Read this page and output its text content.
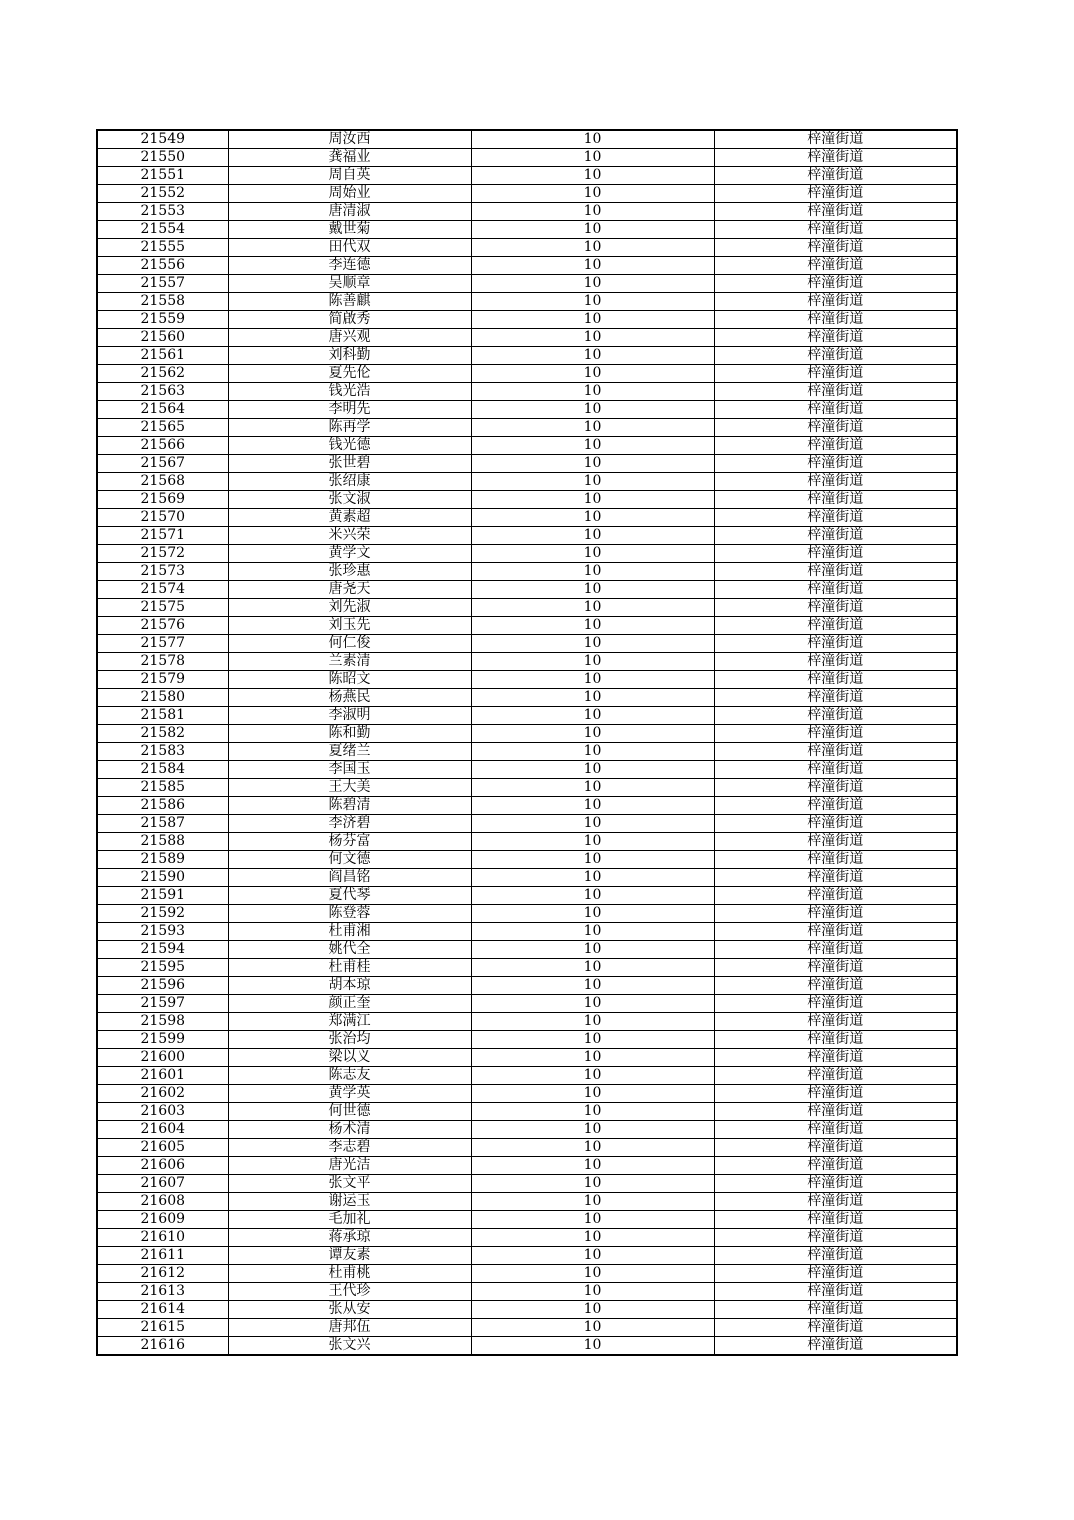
21549	周汝西	10	梓潼街道
21550	龚福业	10	梓潼街道
21551	周自英	10	梓潼街道
21552	周始业	10	梓潼街道
21553	唐清淑	10	梓潼街道
21554	戴世菊	10	梓潼街道
21555	田代双	10	梓潼街道
21556	李连德	10	梓潼街道
21557	吴顺章	10	梓潼街道
21558	陈善麒	10	梓潼街道
21559	简啟秀	10	梓潼街道
21560	唐兴观	10	梓潼街道
21561	刘科勤	10	梓潼街道
21562	夏先伦	10	梓潼街道
21563	钱光浩	10	梓潼街道
21564	李明先	10	梓潼街道
21565	陈再学	10	梓潼街道
21566	钱光德	10	梓潼街道
21567	张世碧	10	梓潼街道
21568	张绍康	10	梓潼街道
21569	张文淑	10	梓潼街道
21570	黄素超	10	梓潼街道
21571	米兴荣	10	梓潼街道
21572	黄学文	10	梓潼街道
21573	张珍惠	10	梓潼街道
21574	唐尧天	10	梓潼街道
21575	刘先淑	10	梓潼街道
21576	刘玉先	10	梓潼街道
21577	何仁俊	10	梓潼街道
21578	兰素清	10	梓潼街道
21579	陈昭文	10	梓潼街道
21580	杨燕民	10	梓潼街道
21581	李淑明	10	梓潼街道
21582	陈和勤	10	梓潼街道
21583	夏绪兰	10	梓潼街道
21584	李国玉	10	梓潼街道
21585	王大美	10	梓潼街道
21586	陈碧清	10	梓潼街道
21587	李济碧	10	梓潼街道
21588	杨芬富	10	梓潼街道
21589	何文德	10	梓潼街道
21590	阎昌铭	10	梓潼街道
21591	夏代琴	10	梓潼街道
21592	陈登蓉	10	梓潼街道
21593	杜甫湘	10	梓潼街道
21594	姚代全	10	梓潼街道
21595	杜甫桂	10	梓潼街道
21596	胡本琼	10	梓潼街道
21597	颜正奎	10	梓潼街道
21598	郑满江	10	梓潼街道
21599	张治均	10	梓潼街道
21600	梁以义	10	梓潼街道
21601	陈志友	10	梓潼街道
21602	黄学英	10	梓潼街道
21603	何世德	10	梓潼街道
21604	杨术清	10	梓潼街道
21605	李志碧	10	梓潼街道
21606	唐光洁	10	梓潼街道
21607	张文平	10	梓潼街道
21608	谢运玉	10	梓潼街道
21609	毛加礼	10	梓潼街道
21610	蒋承琼	10	梓潼街道
21611	谭友素	10	梓潼街道
21612	杜甫桃	10	梓潼街道
21613	王代珍	10	梓潼街道
21614	张从安	10	梓潼街道
21615	唐邦伍	10	梓潼街道
21616	张文兴	10	梓潼街道
